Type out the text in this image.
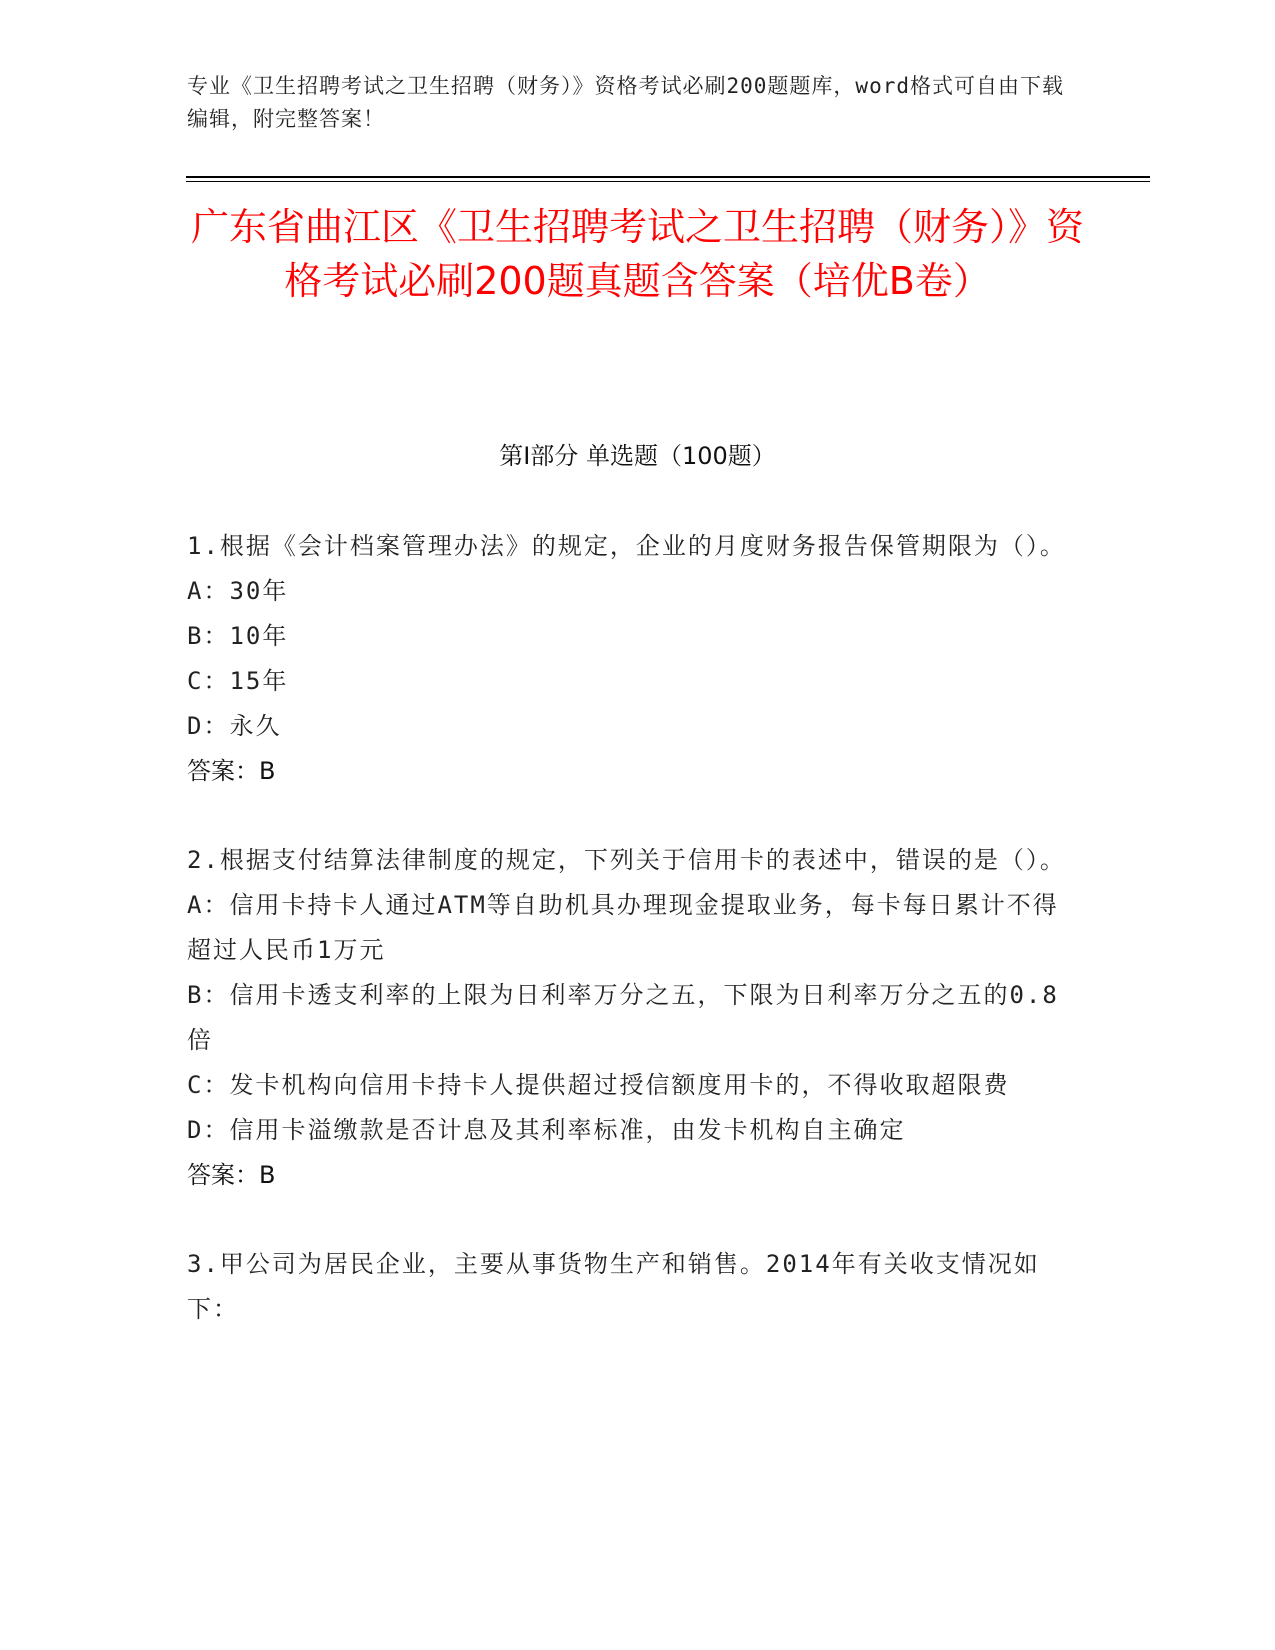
专业《卫生招聘考试之卫生招聘（财务）》资格考试必刷200题题库，word格式可自由下载编辑，附完整答案！
广东省曲江区《卫生招聘考试之卫生招聘（财务）》资格考试必刷200题真题含答案（培优B卷）
第I部分 单选题（100题）

1.根据《会计档案管理办法》的规定，企业的月度财务报告保管期限为（）。

A：30年

B：10年

C：15年

D：永久

答案：B

2.根据支付结算法律制度的规定，下列关于信用卡的表述中，错误的是（）。

A：信用卡持卡人通过ATM等自助机具办理现金提取业务，每卡每日累计不得超过人民币1万元

B：信用卡透支利率的上限为日利率万分之五，下限为日利率万分之五的0.8倍

C：发卡机构向信用卡持卡人提供超过授信额度用卡的，不得收取超限费

D：信用卡溢缴款是否计息及其利率标准，由发卡机构自主确定

答案：B

3.甲公司为居民企业，主要从事货物生产和销售。2014年有关收支情况如下：
